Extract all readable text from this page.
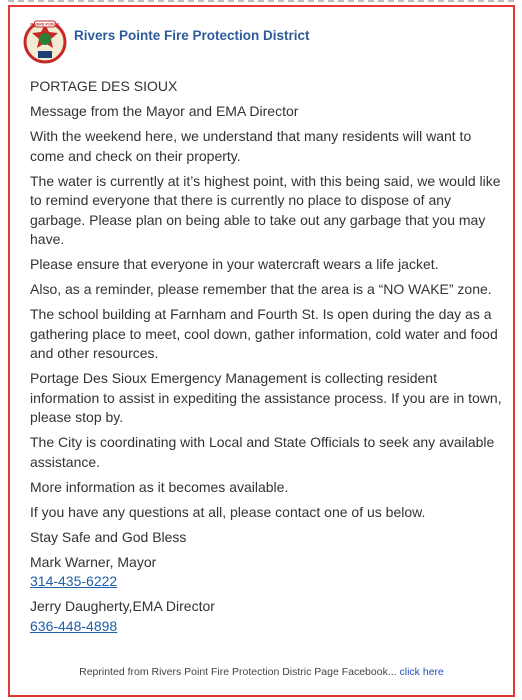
RIVERS POINTE
Rivers Pointe Fire Protection District

PORTAGE DES SIOUX

Message from the Mayor and EMA Director

With the weekend here, we understand that many residents will want to come and check on their property.

The water is currently at it’s highest point, with this being said, we would like to remind everyone that there is currently no place to dispose of any garbage. Please plan on being able to take out any garbage that you may have.

Please ensure that everyone in your watercraft wears a life jacket.

Also, as a reminder, please remember that the area is a “NO WAKE” zone.

The school building at Farnham and Fourth St. Is open during the day as a gathering place to meet, cool down, gather information, cold water and food and other resources.

Portage Des Sioux Emergency Management is collecting resident information to assist in expediting the assistance process. If you are in town, please stop by.

The City is coordinating with Local and State Officials to seek any available assistance.

More information as it becomes available.

If you have any questions at all, please contact one of us below.

Stay Safe and God Bless

Mark Warner, Mayor
314-435-6222

Jerry Daugherty,EMA Director
636-448-4898

Reprinted from Rivers Point Fire Protection Distric Page Facebook... click here
